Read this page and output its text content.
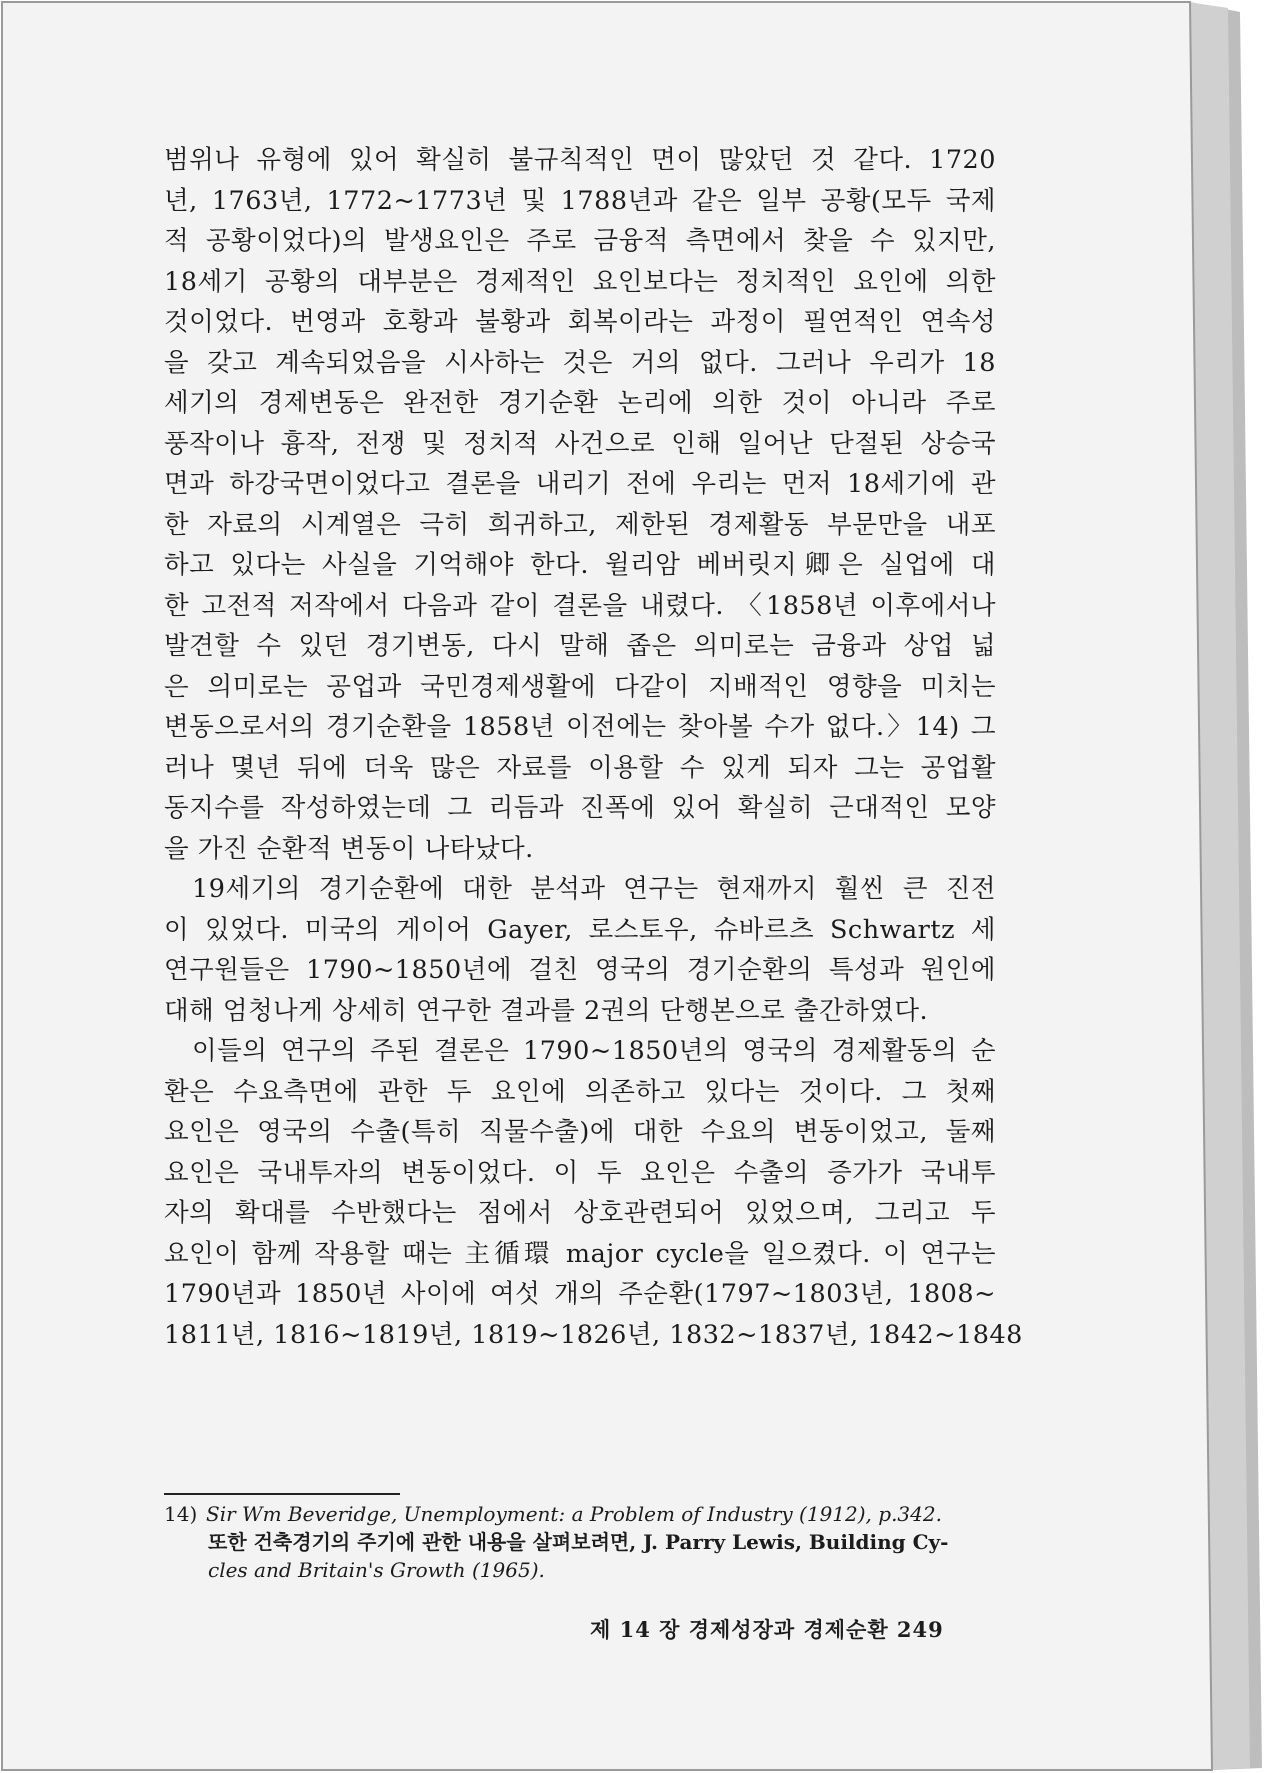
범위나 유형에 있어 확실히 불규칙적인 면이 많았던 것 같다. 1720
년, 1763년, 1772~1773년 및 1788년과 같은 일부 공황(모두 국제
적 공황이었다)의 발생요인은 주로 금융적 측면에서 찾을 수 있지만,
18세기 공황의 대부분은 경제적인 요인보다는 정치적인 요인에 의한
것이었다. 번영과 호황과 불황과 회복이라는 과정이 필연적인 연속성
을 갖고 계속되었음을 시사하는 것은 거의 없다. 그러나 우리가 18
세기의 경제변동은 완전한 경기순환 논리에 의한 것이 아니라 주로
풍작이나 흉작, 전쟁 및 정치적 사건으로 인해 일어난 단절된 상승국
면과 하강국면이었다고 결론을 내리기 전에 우리는 먼저 18세기에 관
한 자료의 시계열은 극히 희귀하고, 제한된 경제활동 부문만을 내포
하고 있다는 사실을 기억해야 한다. 윌리암 베버릿지卿은 실업에 대
한 고전적 저작에서 다음과 같이 결론을 내렸다. 〈1858년 이후에서나
발견할 수 있던 경기변동, 다시 말해 좁은 의미로는 금융과 상업 넓
은 의미로는 공업과 국민경제생활에 다같이 지배적인 영향을 미치는
변동으로서의 경기순환을 1858년 이전에는 찾아볼 수가 없다.〉14) 그
러나 몇년 뒤에 더욱 많은 자료를 이용할 수 있게 되자 그는 공업활
동지수를 작성하였는데 그 리듬과 진폭에 있어 확실히 근대적인 모양
을 가진 순환적 변동이 나타났다.
19세기의 경기순환에 대한 분석과 연구는 현재까지 훨씬 큰 진전
이 있었다. 미국의 게이어 Gayer, 로스토우, 슈바르츠 Schwartz 세
연구원들은 1790~1850년에 걸친 영국의 경기순환의 특성과 원인에
대해 엄청나게 상세히 연구한 결과를 2권의 단행본으로 출간하였다.
이들의 연구의 주된 결론은 1790~1850년의 영국의 경제활동의 순
환은 수요측면에 관한 두 요인에 의존하고 있다는 것이다. 그 첫째
요인은 영국의 수출(특히 직물수출)에 대한 수요의 변동이었고, 둘째
요인은 국내투자의 변동이었다. 이 두 요인은 수출의 증가가 국내투
자의 확대를 수반했다는 점에서 상호관련되어 있었으며, 그리고 두
요인이 함께 작용할 때는 主循環 major cycle을 일으켰다. 이 연구는
1790년과 1850년 사이에 여섯 개의 주순환(1797~1803년, 1808~
1811년, 1816~1819년, 1819~1826년, 1832~1837년, 1842~1848
14) Sir Wm Beveridge, Unemployment: a Problem of Industry (1912), p.342.
또한 건축경기의 주기에 관한 내용을 살펴보려면, J. Parry Lewis, Building Cy-
cles and Britain's Growth (1965).
제 14 장 경제성장과 경제순환 249
